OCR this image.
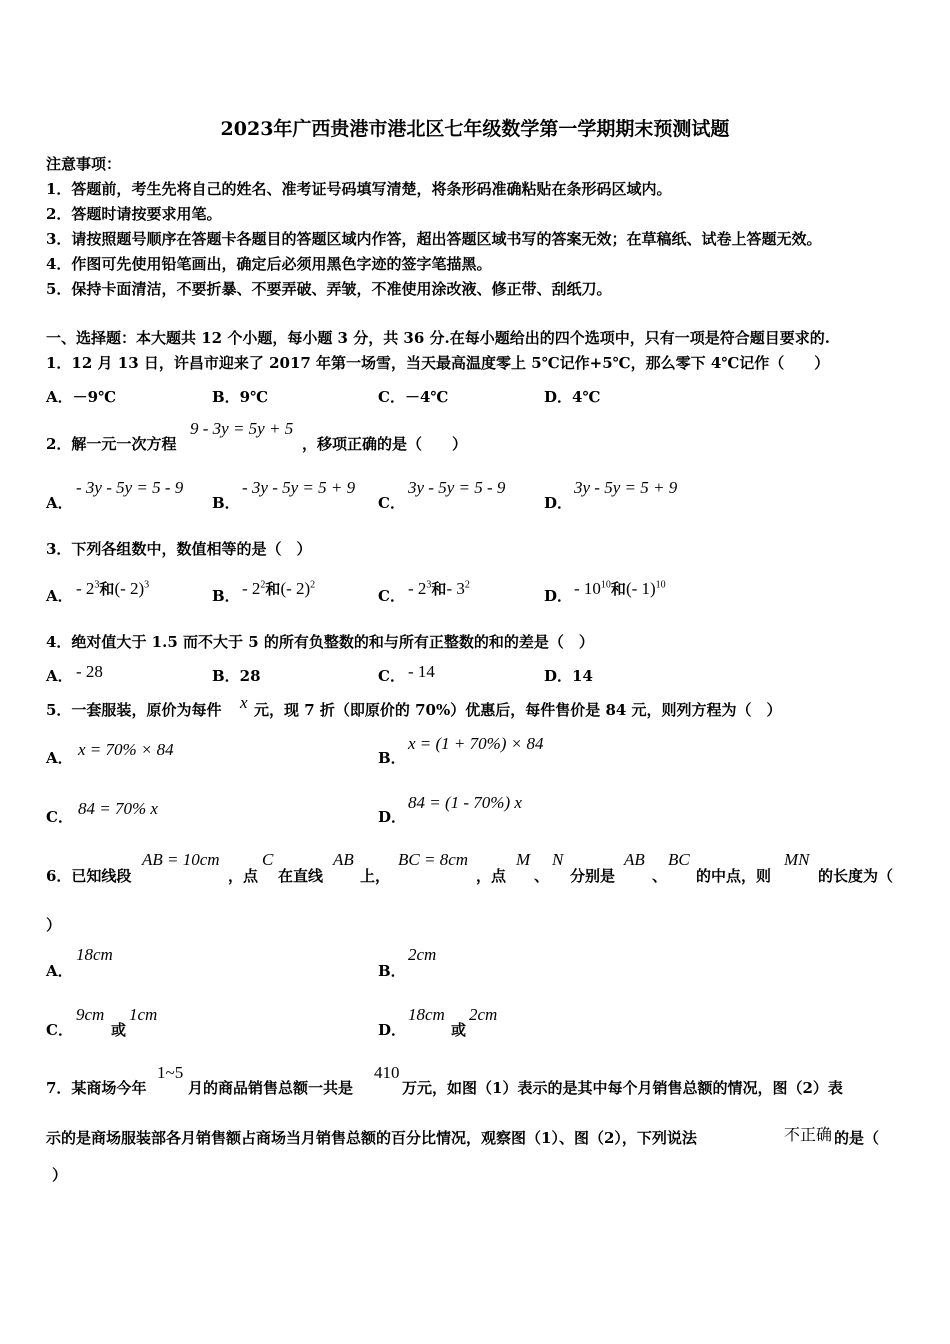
2023年广西贵港市港北区七年级数学第一学期期末预测试题
注意事项：
1．答题前，考生先将自己的姓名、准考证号码填写清楚，将条形码准确粘贴在条形码区域内。
2．答题时请按要求用笔。
3．请按照题号顺序在答题卡各题目的答题区域内作答，超出答题区域书写的答案无效；在草稿纸、试卷上答题无效。
4．作图可先使用铅笔画出，确定后必须用黑色字迹的签字笔描黑。
5．保持卡面清洁，不要折暴、不要弄破、弄皱，不准使用涂改液、修正带、刮纸刀。
一、选择题：本大题共 12 个小题，每小题 3 分，共 36 分.在每小题给出的四个选项中，只有一项是符合题目要求的.
1．12 月 13 日，许昌市迎来了 2017 年第一场雪，当天最高温度零上 5℃记作+5℃，那么零下 4℃记作（　　）
A．－9℃	B．9℃	C．－4℃	D．4℃
2．解一元一次方程
9 - 3y = 5y + 5
，移项正确的是（　　）
A．
- 3y - 5y = 5 - 9
B．
- 3y - 5y = 5 + 9
C．
3y - 5y = 5 - 9
D．
3y - 5y = 5 + 9
3．下列各组数中，数值相等的是（　）
A． - $2^3$和(- 2)$^3$
B． - $2^2$和(- 2)$^2$
C． - $2^3$和- $3^2$
D． - $10^{10}$和(- 1)$^{10}$
4．绝对值大于 1.5 而不大于 5 的所有负整数的和与所有正整数的和的差是（　）
A． - 28	B．28	C． - 14	D．14
5．一套服装，原价为每件 x 元，现 7 折（即原价的 70%）优惠后，每件售价是 84 元，则列方程为（　）
A． x = 70% × 84	B．
x = (1 + 70%) × 84
C． 84 = 70% x	D．
84 = (1 - 70%) x
6．已知线段
AB = 10cm
，点
C
在直线
AB
上，
BC = 8cm
，点
M
、
N
分别是
AB
、
BC
的中点，则
MN
的长度为（
）
A．
18cm
B．
2cm
C．
9cm
或
1cm
D．
18cm
或
2cm
7．某商场今年
1~5
月的商品销售总额一共是
410
万元，如图（1）表示的是其中每个月销售总额的情况，图（2）表
示的是商场服装部各月销售额占商场当月销售总额的百分比情况，观察图（1）、图（2），下列说法	不正确 的是（
）
